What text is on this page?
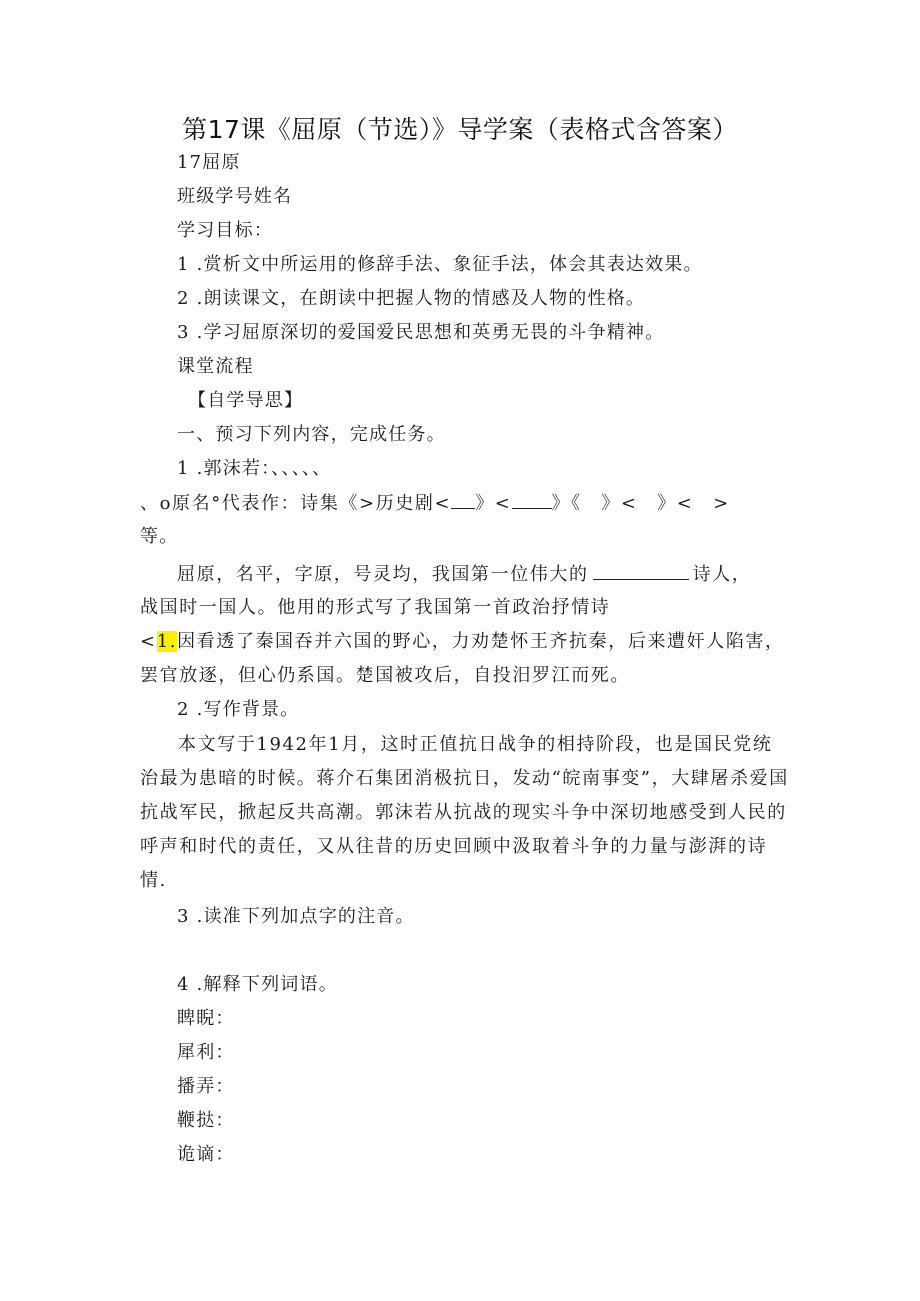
第17课《屈原（节选）》导学案（表格式含答案）
17屈原
班级学号姓名
学习目标：
1 .赏析文中所运用的修辞手法、象征手法，体会其表达效果。
2 .朗读课文，在朗读中把握人物的情感及人物的性格。
3 .学习屈原深切的爱国爱民思想和英勇无畏的斗争精神。
课堂流程
【自学导思】
一、预习下列内容，完成任务。
1 .郭沫若：、、、、、
、o原名°代表作：诗集《>历史剧< 》< 》《　》<　》<　>
等。
屈原，名平，字原，号灵均，我国第一位伟大的	诗人，
战国时一国人。他用的形式写了我国第一首政治抒情诗
<1.因看透了秦国吞并六国的野心，力劝楚怀王齐抗秦，后来遭奸人陷害，
罢官放逐，但心仍系国。楚国被攻后，自投汨罗江而死。
2 .写作背景。
本文写于1942年1月，这时正值抗日战争的相持阶段，也是国民党统治最为患暗的时候。蒋介石集团消极抗日，发动“皖南事变”，大肆屠杀爱国抗战军民，掀起反共高潮。郭沫若从抗战的现实斗争中深切地感受到人民的呼声和时代的责任，又从往昔的历史回顾中汲取着斗争的力量与澎湃的诗情.
3 .读准下列加点字的注音。
4 .解释下列词语。
睥睨：
犀利：
播弄：
鞭挞：
诡谪：
